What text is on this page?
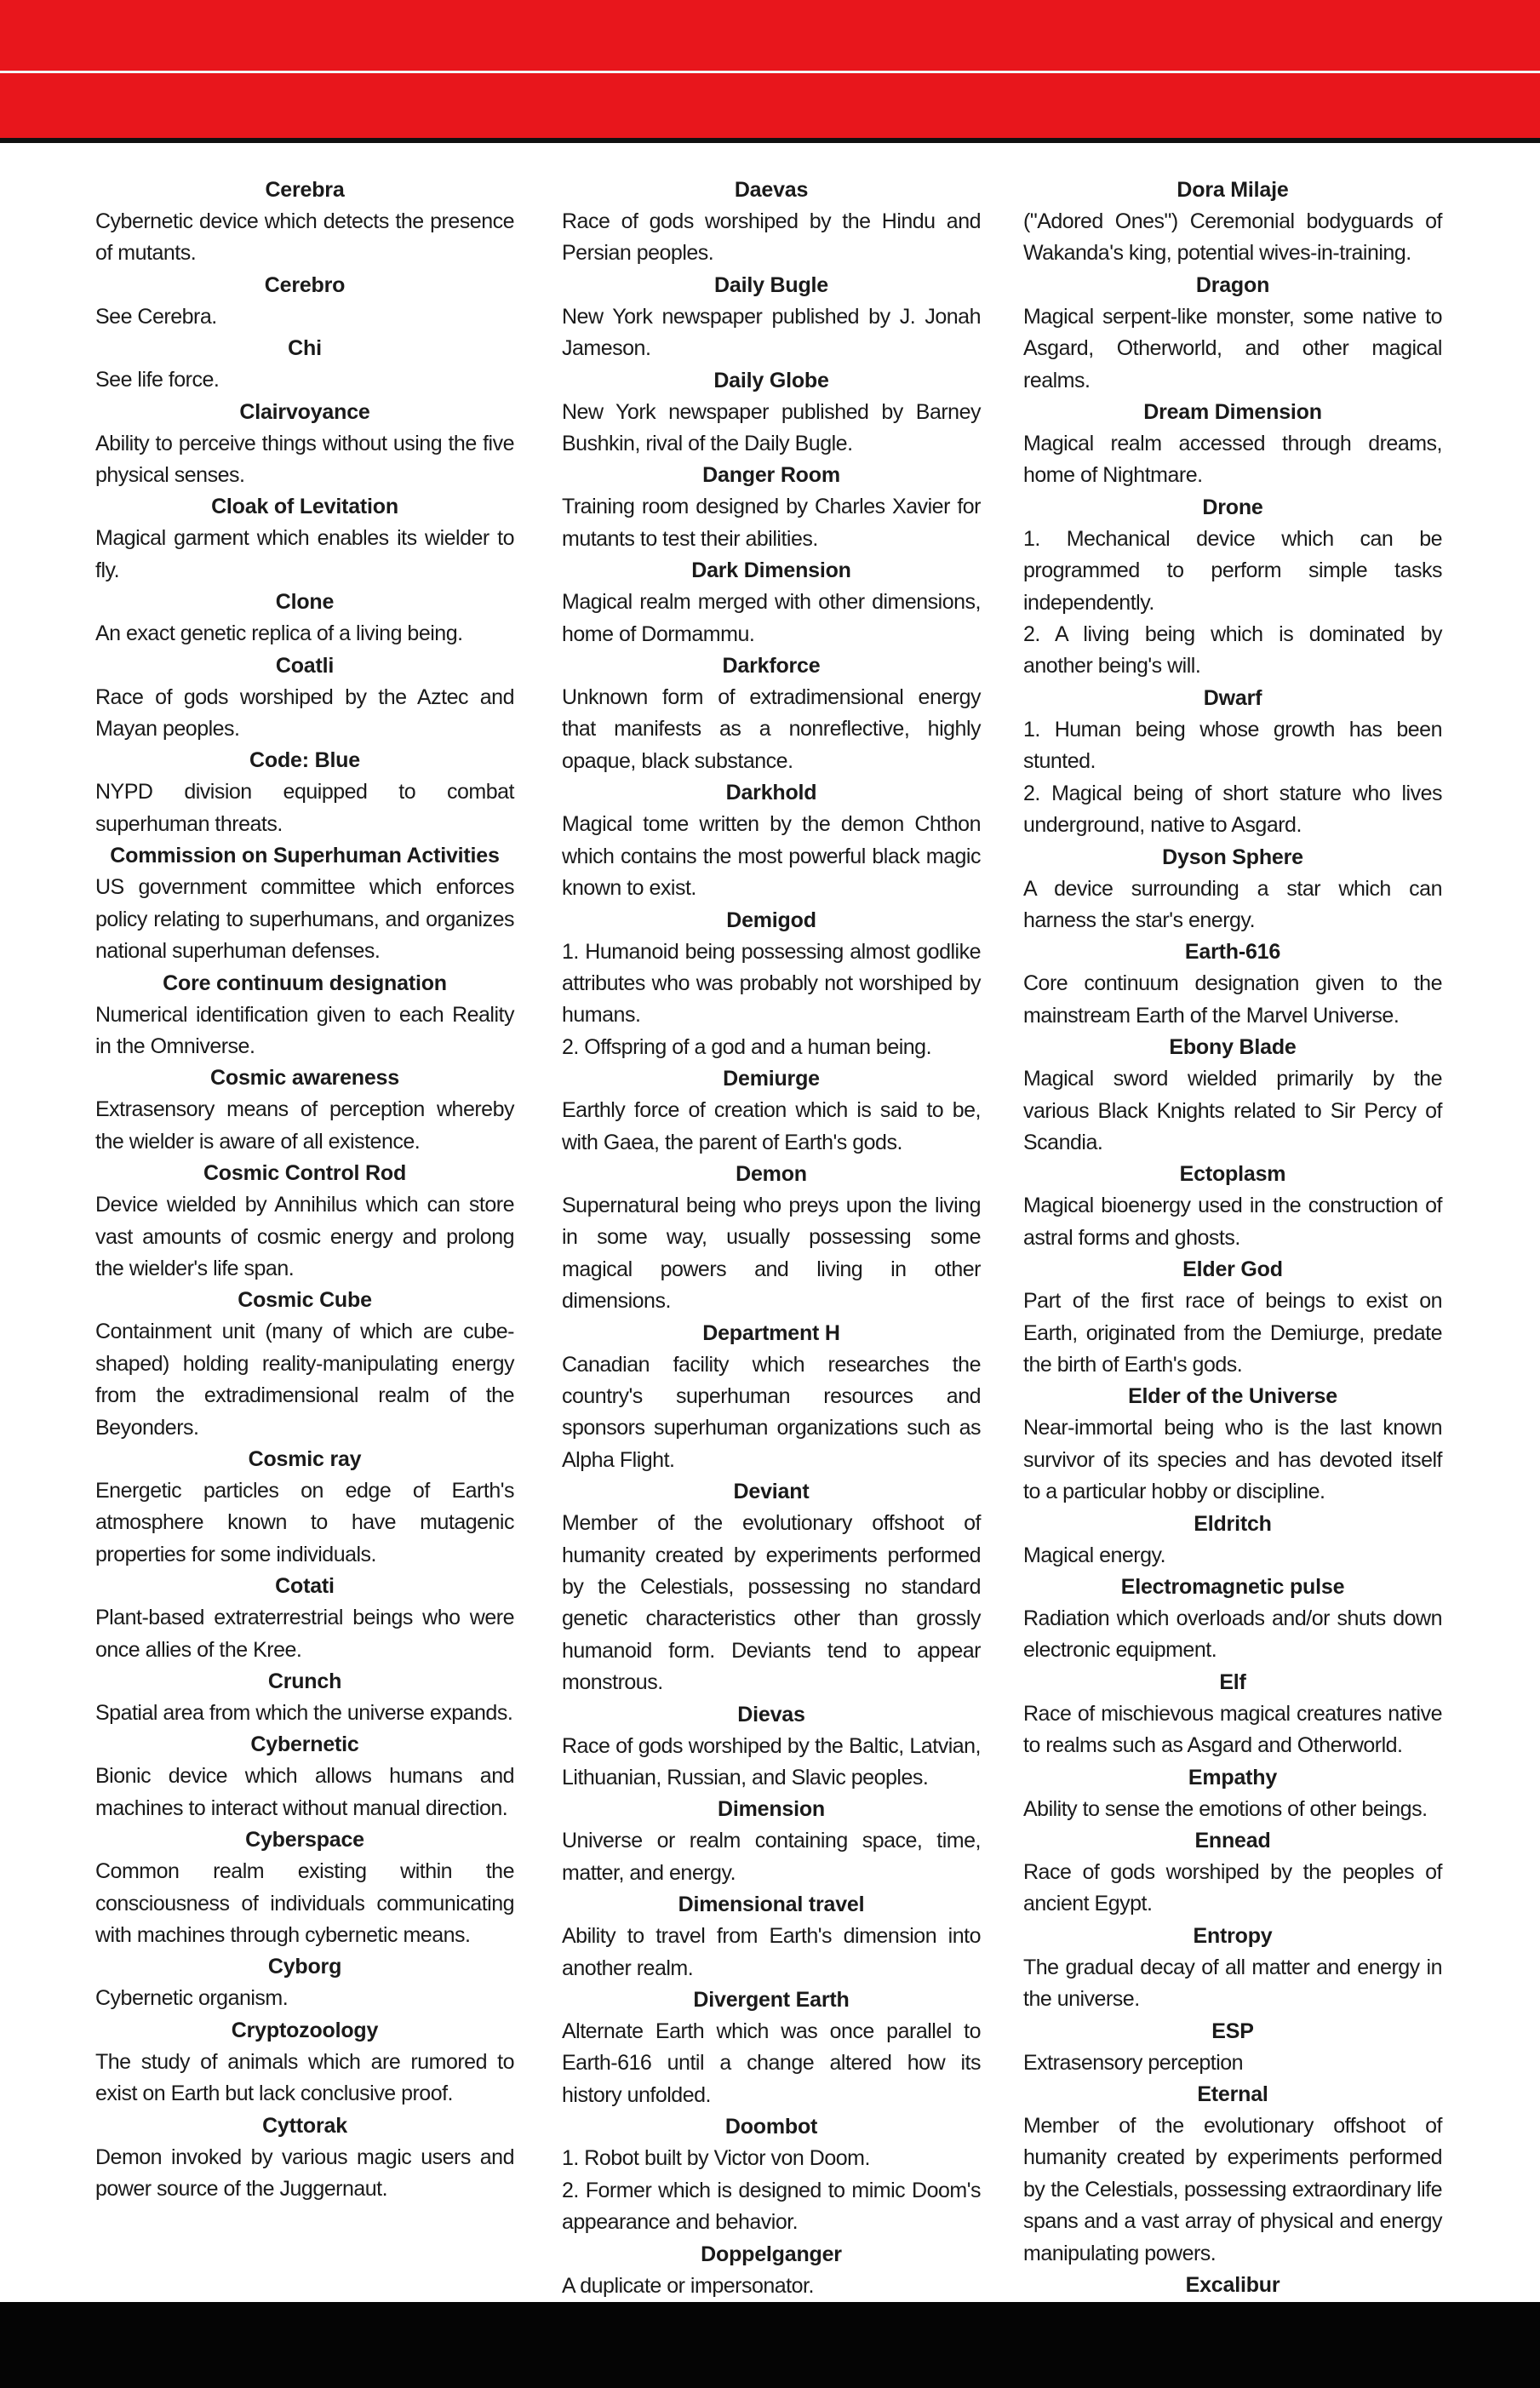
Cerebra

Cybernetic device which detects the presence of mutants.

Cerebro

See Cerebra.

Chi

See life force.

Clairvoyance

Ability to perceive things without using the five physical senses.

Cloak of Levitation

Magical garment which enables its wielder to fly.

Clone

An exact genetic replica of a living being.

Coatli

Race of gods worshiped by the Aztec and Mayan peoples.

Code: Blue

NYPD division equipped to combat superhuman threats.

Commission on Superhuman Activities

US government committee which enforces policy relating to superhumans, and organizes national superhuman defenses.

Core continuum designation

Numerical identification given to each Reality in the Omniverse.

Cosmic awareness

Extrasensory means of perception whereby the wielder is aware of all existence.

Cosmic Control Rod

Device wielded by Annihilus which can store vast amounts of cosmic energy and prolong the wielder's life span.

Cosmic Cube

Containment unit (many of which are cube-shaped) holding reality-manipulating energy from the extradimensional realm of the Beyonders.

Cosmic ray

Energetic particles on edge of Earth's atmosphere known to have mutagenic properties for some individuals.

Cotati

Plant-based extraterrestrial beings who were once allies of the Kree.

Crunch

Spatial area from which the universe expands.

Cybernetic

Bionic device which allows humans and machines to interact without manual direction.

Cyberspace

Common realm existing within the consciousness of individuals communicating with machines through cybernetic means.

Cyborg

Cybernetic organism.

Cryptozoology

The study of animals which are rumored to exist on Earth but lack conclusive proof.

Cyttorak

Demon invoked by various magic users and power source of the Juggernaut.

Daevas

Race of gods worshiped by the Hindu and Persian peoples.

Daily Bugle

New York newspaper published by J. Jonah Jameson.

Daily Globe

New York newspaper published by Barney Bushkin, rival of the Daily Bugle.

Danger Room

Training room designed by Charles Xavier for mutants to test their abilities.

Dark Dimension

Magical realm merged with other dimensions, home of Dormammu.

Darkforce

Unknown form of extradimensional energy that manifests as a nonreflective, highly opaque, black substance.

Darkhold

Magical tome written by the demon Chthon which contains the most powerful black magic known to exist.

Demigod

1. Humanoid being possessing almost godlike attributes who was probably not worshiped by humans.

2. Offspring of a god and a human being.

Demiurge

Earthly force of creation which is said to be, with Gaea, the parent of Earth's gods.

Demon

Supernatural being who preys upon the living in some way, usually possessing some magical powers and living in other dimensions.

Department H

Canadian facility which researches the country's superhuman resources and sponsors superhuman organizations such as Alpha Flight.

Deviant

Member of the evolutionary offshoot of humanity created by experiments performed by the Celestials, possessing no standard genetic characteristics other than grossly humanoid form. Deviants tend to appear monstrous.

Dievas

Race of gods worshiped by the Baltic, Latvian, Lithuanian, Russian, and Slavic peoples.

Dimension

Universe or realm containing space, time, matter, and energy.

Dimensional travel

Ability to travel from Earth's dimension into another realm.

Divergent Earth

Alternate Earth which was once parallel to Earth-616 until a change altered how its history unfolded.

Doombot

1. Robot built by Victor von Doom.

2. Former which is designed to mimic Doom's appearance and behavior.

Doppelganger

A duplicate or impersonator.

Dora Milaje

("Adored Ones") Ceremonial bodyguards of Wakanda's king, potential wives-in-training.

Dragon

Magical serpent-like monster, some native to Asgard, Otherworld, and other magical realms.

Dream Dimension

Magical realm accessed through dreams, home of Nightmare.

Drone

1. Mechanical device which can be programmed to perform simple tasks independently.

2. A living being which is dominated by another being's will.

Dwarf

1. Human being whose growth has been stunted.

2. Magical being of short stature who lives underground, native to Asgard.

Dyson Sphere

A device surrounding a star which can harness the star's energy.

Earth-616

Core continuum designation given to the mainstream Earth of the Marvel Universe.

Ebony Blade

Magical sword wielded primarily by the various Black Knights related to Sir Percy of Scandia.

Ectoplasm

Magical bioenergy used in the construction of astral forms and ghosts.

Elder God

Part of the first race of beings to exist on Earth, originated from the Demiurge, predate the birth of Earth's gods.

Elder of the Universe

Near-immortal being who is the last known survivor of its species and has devoted itself to a particular hobby or discipline.

Eldritch

Magical energy.

Electromagnetic pulse

Radiation which overloads and/or shuts down electronic equipment.

Elf

Race of mischievous magical creatures native to realms such as Asgard and Otherworld.

Empathy

Ability to sense the emotions of other beings.

Ennead

Race of gods worshiped by the peoples of ancient Egypt.

Entropy

The gradual decay of all matter and energy in the universe.

ESP

Extrasensory perception

Eternal

Member of the evolutionary offshoot of humanity created by experiments performed by the Celestials, possessing extraordinary life spans and a vast array of physical and energy manipulating powers.

Excalibur
